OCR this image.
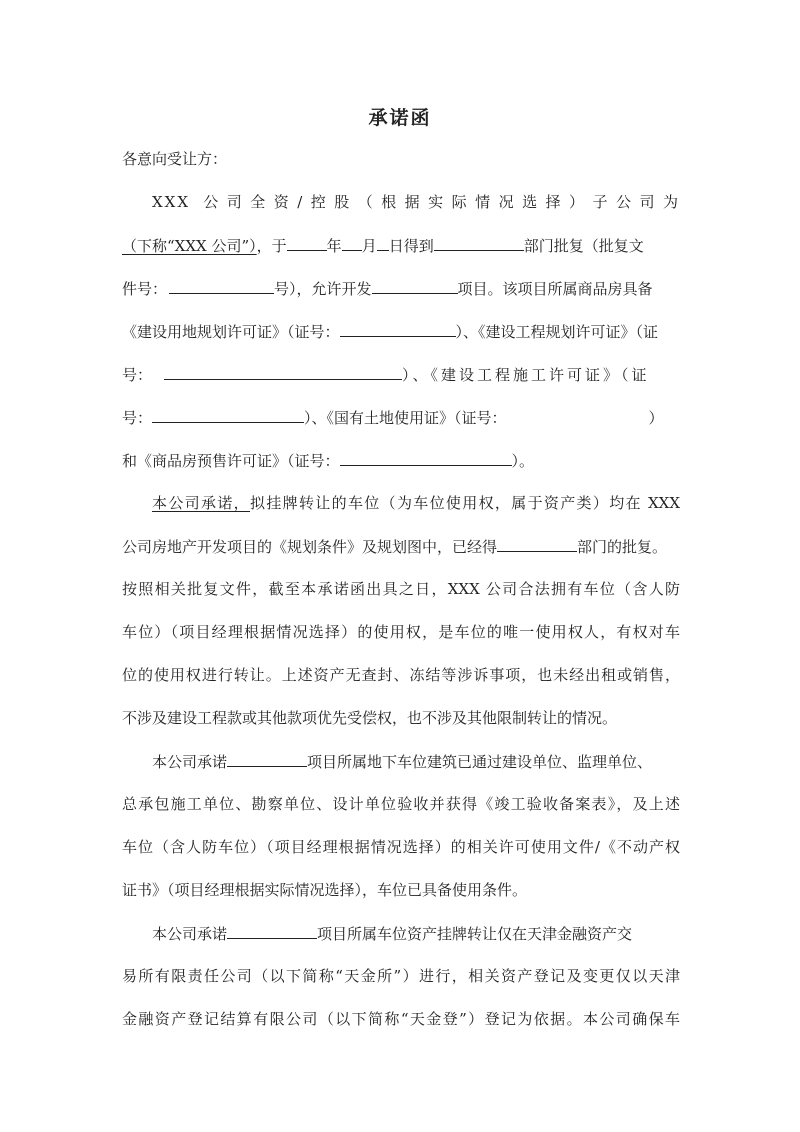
承诺函
各意向受让方：
XXX 公司全资/控股（根据实际情况选择）子公司为
（下称“XXX 公司”），于	年 月 日得到	部门批复（批复文
件号：	号），允许开发	项目。该项目所属商品房具备
《建设用地规划许可证》（证号：	）、《建设工程规划许可证》（证
号：	）、《建设工程施工许可证》（证
号：	）、《国有土地使用证》（证号：	）
和《商品房预售许可证》（证号：	）。
本公司承诺，拟挂牌转让的车位（为车位使用权，属于资产类）均在 XXX
公司房地产开发项目的《规划条件》及规划图中，已经得	部门的批复。
按照相关批复文件，截至本承诺函出具之日，XXX 公司合法拥有车位（含人防
车位）（项目经理根据情况选择）的使用权，是车位的唯一使用权人，有权对车
位的使用权进行转让。上述资产无查封、冻结等涉诉事项，也未经出租或销售，
不涉及建设工程款或其他款项优先受偿权，也不涉及其他限制转让的情况。
本公司承诺	项目所属地下车位建筑已通过建设单位、监理单位、
总承包施工单位、勘察单位、设计单位验收并获得《竣工验收备案表》，及上述
车位（含人防车位）（项目经理根据情况选择）的相关许可使用文件/《不动产权
证书》（项目经理根据实际情况选择），车位已具备使用条件。
本公司承诺	项目所属车位资产挂牌转让仅在天津金融资产交
易所有限责任公司（以下简称“天金所”）进行，相关资产登记及变更仅以天津
金融资产登记结算有限公司（以下简称“天金登”）登记为依据。本公司确保车
